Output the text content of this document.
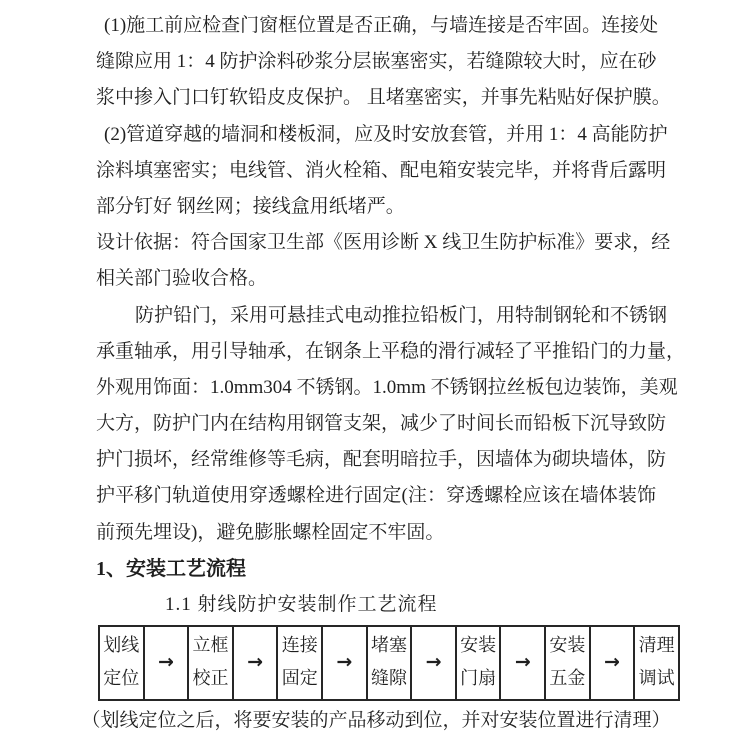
(1)施工前应检查门窗框位置是否正确，与墙连接是否牢固。连接处
缝隙应用 1：4 防护涂料砂浆分层嵌塞密实，若缝隙较大时，应在砂
浆中掺入门口钉软铅皮皮保护。 且堵塞密实，并事先粘贴好保护膜。
(2)管道穿越的墙洞和楼板洞，应及时安放套管，并用 1：4 高能防护
涂料填塞密实；电线管、消火栓箱、配电箱安装完毕，并将背后露明
部分钉好 钢丝网；接线盒用纸堵严。
设计依据：符合国家卫生部《医用诊断 X 线卫生防护标准》要求，经
相关部门验收合格。
防护铅门，采用可悬挂式电动推拉铅板门，用特制钢轮和不锈钢
承重轴承，用引导轴承，在钢条上平稳的滑行减轻了平推铅门的力量，
外观用饰面：1.0mm304 不锈钢。1.0mm 不锈钢拉丝板包边装饰，美观
大方，防护门内在结构用钢管支架，减少了时间长而铅板下沉导致防
护门损坏，经常维修等毛病，配套明暗拉手，因墙体为砌块墙体，防
护平移门轨道使用穿透螺栓进行固定(注：穿透螺栓应该在墙体装饰
前预先埋设)，避免膨胀螺栓固定不牢固。
1、安装工艺流程
1.1 射线防护安装制作工艺流程
划线
定位
→
立框
校正
→
连接
固定
→
堵塞
缝隙
→
安装
门扇
→
安装
五金
→
清理
调试
（划线定位之后，将要安装的产品移动到位，并对安装位置进行清理）
